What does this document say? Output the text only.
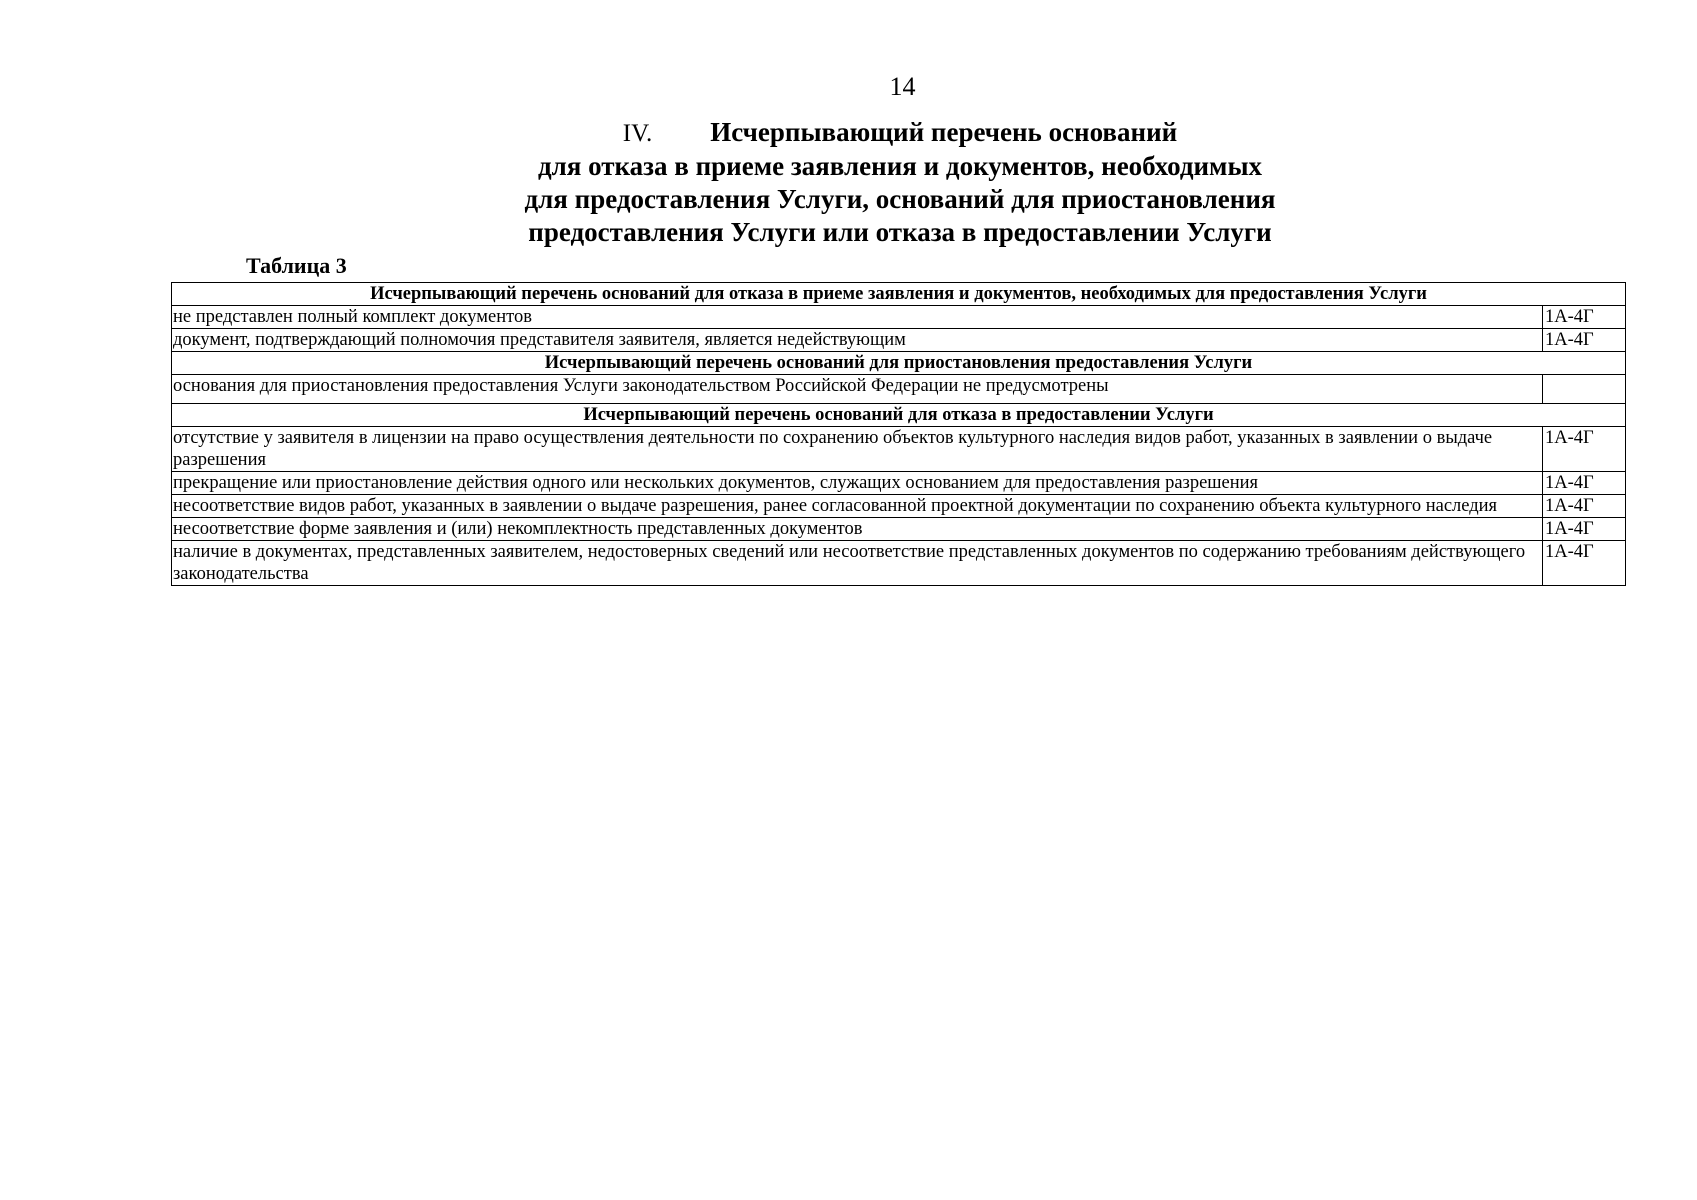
14
IV. Исчерпывающий перечень оснований
для отказа в приеме заявления и документов, необходимых
для предоставления Услуги, оснований для приостановления
предоставления Услуги или отказа в предоставлении Услуги
Таблица 3
Исчерпывающий перечень оснований для отказа в приеме заявления и документов, необходимых для предоставления Услуги	
не представлен полный комплект документов	1А-4Г
документ, подтверждающий полномочия представителя заявителя, является недействующим	1А-4Г
Исчерпывающий перечень оснований для приостановления предоставления Услуги	
основания для приостановления предоставления Услуги законодательством Российской Федерации не предусмотрены	
Исчерпывающий перечень оснований для отказа в предоставлении Услуги	
отсутствие у заявителя в лицензии на право осуществления деятельности по сохранению объектов культурного наследия видов работ, указанных в заявлении о выдаче разрешения	1А-4Г
прекращение или приостановление действия одного или нескольких документов, служащих основанием для предоставления разрешения	1А-4Г
несоответствие видов работ, указанных в заявлении о выдаче разрешения, ранее согласованной проектной документации по сохранению объекта культурного наследия	1А-4Г
несоответствие форме заявления и (или) некомплектность представленных документов	1А-4Г
наличие в документах, представленных заявителем, недостоверных сведений или несоответствие представленных документов по содержанию требованиям действующего законодательства	1А-4Г
